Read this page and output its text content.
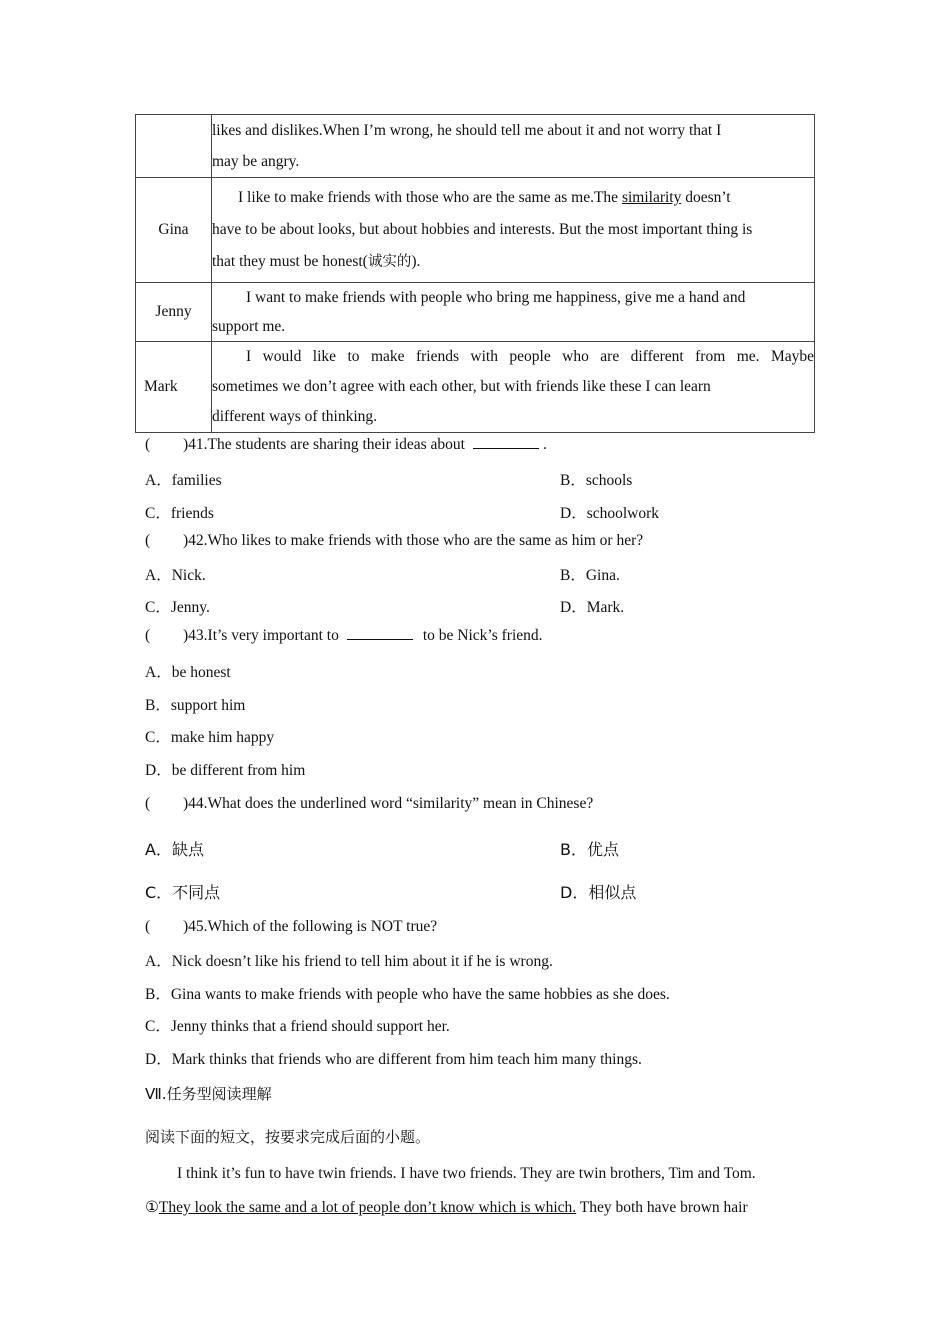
	likes and dislikes.When I’m wrong, he should tell me about it and not worry that I
may be angry.

Gina	I like to make friends with those who are the same as me.The similarity doesn’t
have to be about looks, but about hobbies and interests. But the most important thing is
that they must be honest(诚实的).

Jenny	I want to make friends with people who bring me happiness, give me a hand and
support me.

Mark	I would like to make friends with people who are different from me. Maybe
sometimes we don’t agree with each other, but with friends like these I can learn
different ways of thinking.
( )41.The students are sharing their ideas about	.
A．families	B．schools
C．friends	D．schoolwork
( )42.Who likes to make friends with those who are the same as him or her?
A．Nick.	B．Gina.
C．Jenny.	D．Mark.
( )43.It’s very important to	to be Nick’s friend.
A．be honest
B．support him
C．make him happy
D．be different from him
( )44.What does the underlined word “similarity” mean in Chinese?
A．缺点	B．优点
C．不同点	D．相似点
( )45.Which of the following is NOT true?
A．Nick doesn’t like his friend to tell him about it if he is wrong.
B．Gina wants to make friends with people who have the same hobbies as she does.
C．Jenny thinks that a friend should support her.
D．Mark thinks that friends who are different from him teach him many things.
Ⅶ.任务型阅读理解
阅读下面的短文，按要求完成后面的小题。
I think it’s fun to have twin friends. I have two friends. They are twin brothers, Tim and Tom.
①They look the same and a lot of people don’t know which is which. They both have brown hair
